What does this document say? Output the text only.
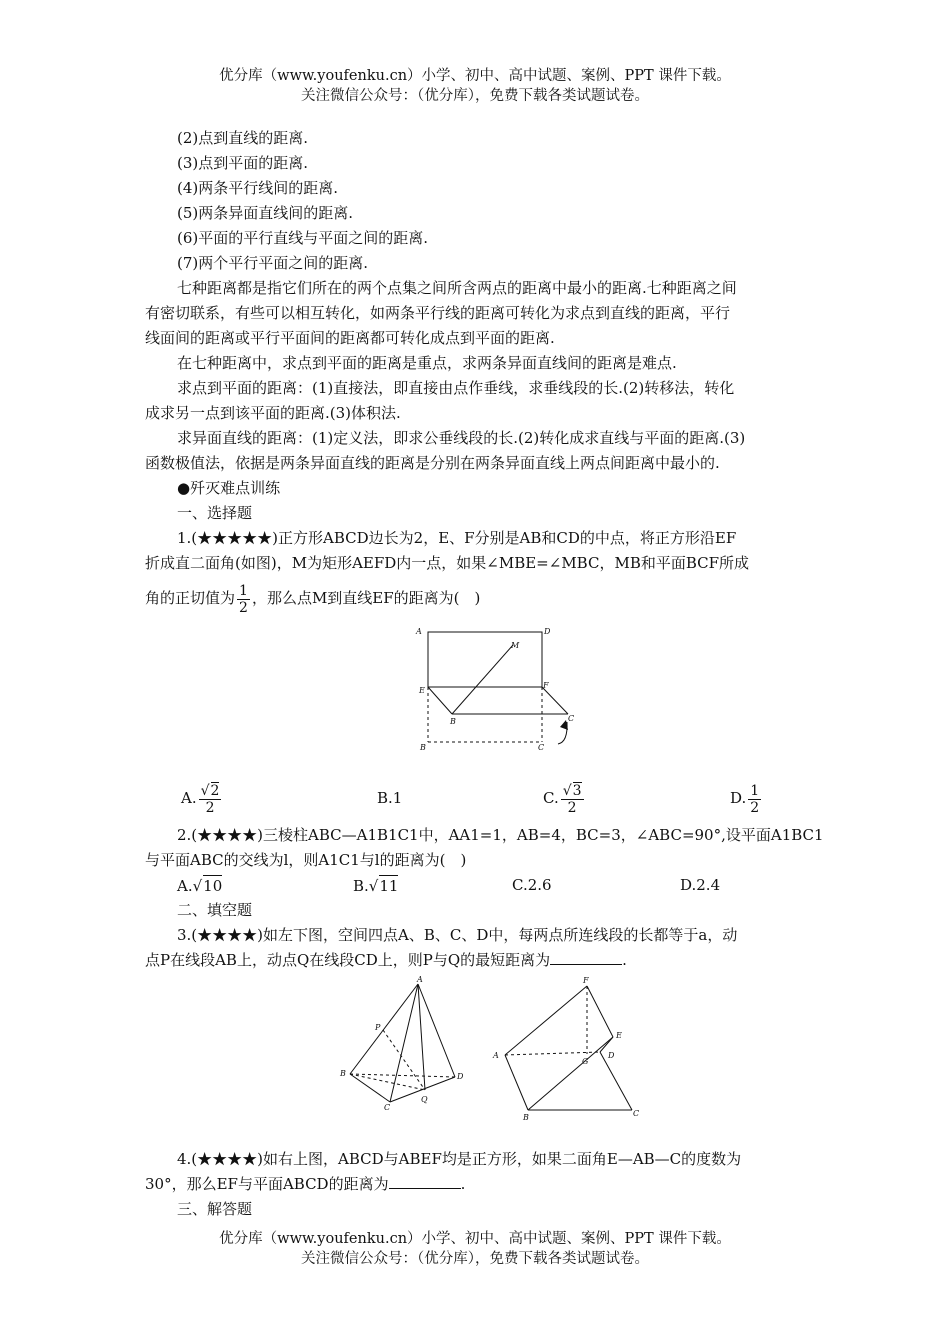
优分库（www.youfenku.cn）小学、初中、高中试题、案例、PPT 课件下载。
关注微信公众号：（优分库），免费下载各类试题试卷。
(2)点到直线的距离.
(3)点到平面的距离.
(4)两条平行线间的距离.
(5)两条异面直线间的距离.
(6)平面的平行直线与平面之间的距离.
(7)两个平行平面之间的距离.
七种距离都是指它们所在的两个点集之间所含两点的距离中最小的距离.七种距离之间
有密切联系，有些可以相互转化，如两条平行线的距离可转化为求点到直线的距离，平行
线面间的距离或平行平面间的距离都可转化成点到平面的距离.
在七种距离中，求点到平面的距离是重点，求两条异面直线间的距离是难点.
求点到平面的距离：(1)直接法，即直接由点作垂线，求垂线段的长.(2)转移法，转化
成求另一点到该平面的距离.(3)体积法.
求异面直线的距离：(1)定义法，即求公垂线段的长.(2)转化成求直线与平面的距离.(3)
函数极值法，依据是两条异面直线的距离是分别在两条异面直线上两点间距离中最小的.
●歼灭难点训练
一、选择题
1.(★★★★★)正方形ABCD边长为2，E、F分别是AB和CD的中点，将正方形沿EF
折成直二面角(如图)，M为矩形AEFD内一点，如果∠MBE=∠MBC，MB和平面BCF所成
角的正切值为 $\frac{1}{2}$ ，那么点M到直线EF的距离为(　)
A	D
M
E
F
B	C
B	C
A. $\frac{√2}{2}$	B.1	C. $\frac{√3}{2}$	D. $\frac{1}{2}$
2.(★★★★)三棱柱ABC—A1B1C1中，AA1=1，AB=4，BC=3，∠ABC=90°,设平面A1BC1
与平面ABC的交线为l，则A1C1与l的距离为(　)
A.√10	B.√11	C.2.6	D.2.4
二、填空题
3.(★★★★)如左下图，空间四点A、B、C、D中，每两点所连线段的长都等于a，动
点P在线段AB上，动点Q在线段CD上，则P与Q的最短距离为	.
A
P
B	D
C
Q
F
E
A	D
G
B	C
4.(★★★★)如右上图，ABCD与ABEF均是正方形，如果二面角E—AB—C的度数为
30°，那么EF与平面ABCD的距离为	.
三、解答题
优分库（www.youfenku.cn）小学、初中、高中试题、案例、PPT 课件下载。
关注微信公众号：（优分库），免费下载各类试题试卷。
